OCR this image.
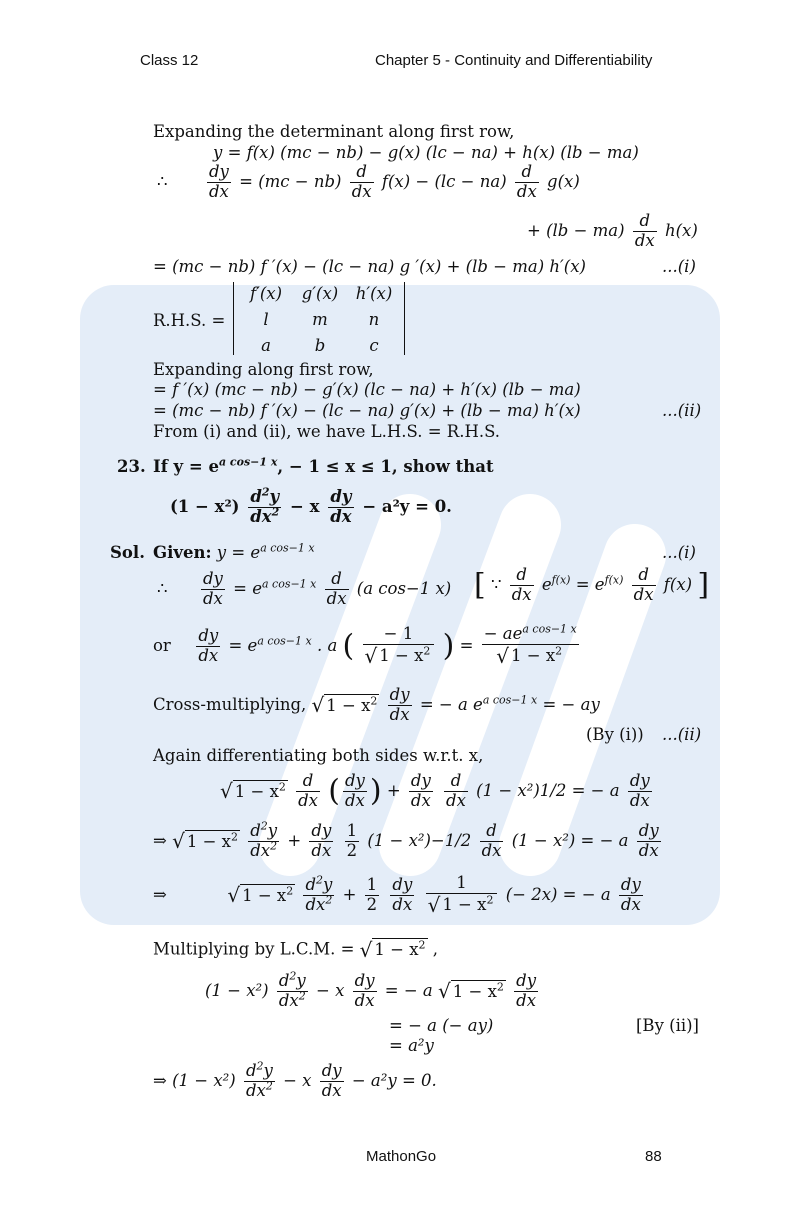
Class 12	Chapter 5 - Continuity and Differentiability
Expanding the determinant along first row,
y = f(x) (mc − nb) − g(x) (lc − na) + h(x) (lb − ma)
∴ $\frac{dy}{dx} = (mc - nb) \frac{d}{dx} f(x) - (lc - na) \frac{d}{dx} g(x)$
+ $(lb - ma) \frac{d}{dx} h(x)$
= (mc − nb) f ′(x) − (lc − na) g ′(x) + (lb − ma) h′(x)	...(i)
R.H.S. =
f′(x)	g′(x)	h′(x)
l	m	n
a	b	c
Expanding along first row,
= f ′(x) (mc − nb) − g′(x) (lc − na) + h′(x) (lb − ma)
= (mc − nb) f ′(x) − (lc − na) g′(x) + (lb − ma) h′(x)	...(ii)
From (i) and (ii), we have L.H.S. = R.H.S.
23. If $y = e^{a cos-1 x}$, − 1 ≤ x ≤ 1, show that
$(1 - x^2) \frac{d^2y}{dx^2} - x \frac{dy}{dx} - a^2y = 0$.
Sol. Given: $y = e^{a cos-1 x}$	...(i)
∴ $\frac{dy}{dx} = e^{a cos-1 x} \frac{d}{dx} (a$ cos−1 x) [ ∵ $\frac{d}{dx} e^{f(x)} = e^{f(x)} \frac{d}{dx} f(x)$ ]
or $\frac{dy}{dx} = e^{a cos-1 x}$ . a ( $\frac{- 1}{√ 1 - x^2}$ ) =
− $ae^{a cos-1 x}$
√ $1 - x^2$
Cross-multiplying, √ $1 - x^2 \frac{dy}{dx}$ = − a $e^{a cos-1 x}$ = − ay
(By (i)) ...(ii)
Again differentiating both sides w.r.t. x,
√ $1 - x^2 \frac{d}{dx}$ ( $\frac{dy}{dx}$ ) + $\frac{dy}{dx}$
$\frac{d}{dx} (1 - x^2)1/2$ = − a $\frac{dy}{dx}$
⇒ √ $1 - x^2 \frac{d^2y}{dx^2} + \frac{dy}{dx}$
$\frac{1}{2} (1 - x^2)-1/2 \frac{d}{dx} (1 - x^2)$ = − a $\frac{dy}{dx}$
⇒	√ $1 - x^2 \frac{d^2y}{dx^2} + \frac{1}{2}$
$\frac{dy}{dx}$
$\frac{1}{√ 1 - x^2}$ (− 2x) = − a $\frac{dy}{dx}$
Multiplying by L.C.M. = √ $1 - x^2$ ,
$(1 - x^2) \frac{d^2y}{dx^2} - x \frac{dy}{dx}$ = − a √ $1 - x^2 \frac{dy}{dx}$
= − a (− ay)	[By (ii)]
= a²y
⇒ $(1 - x^2) \frac{d^2y}{dx^2} - x \frac{dy}{dx} - a^2y = 0$.
MathonGo	88
